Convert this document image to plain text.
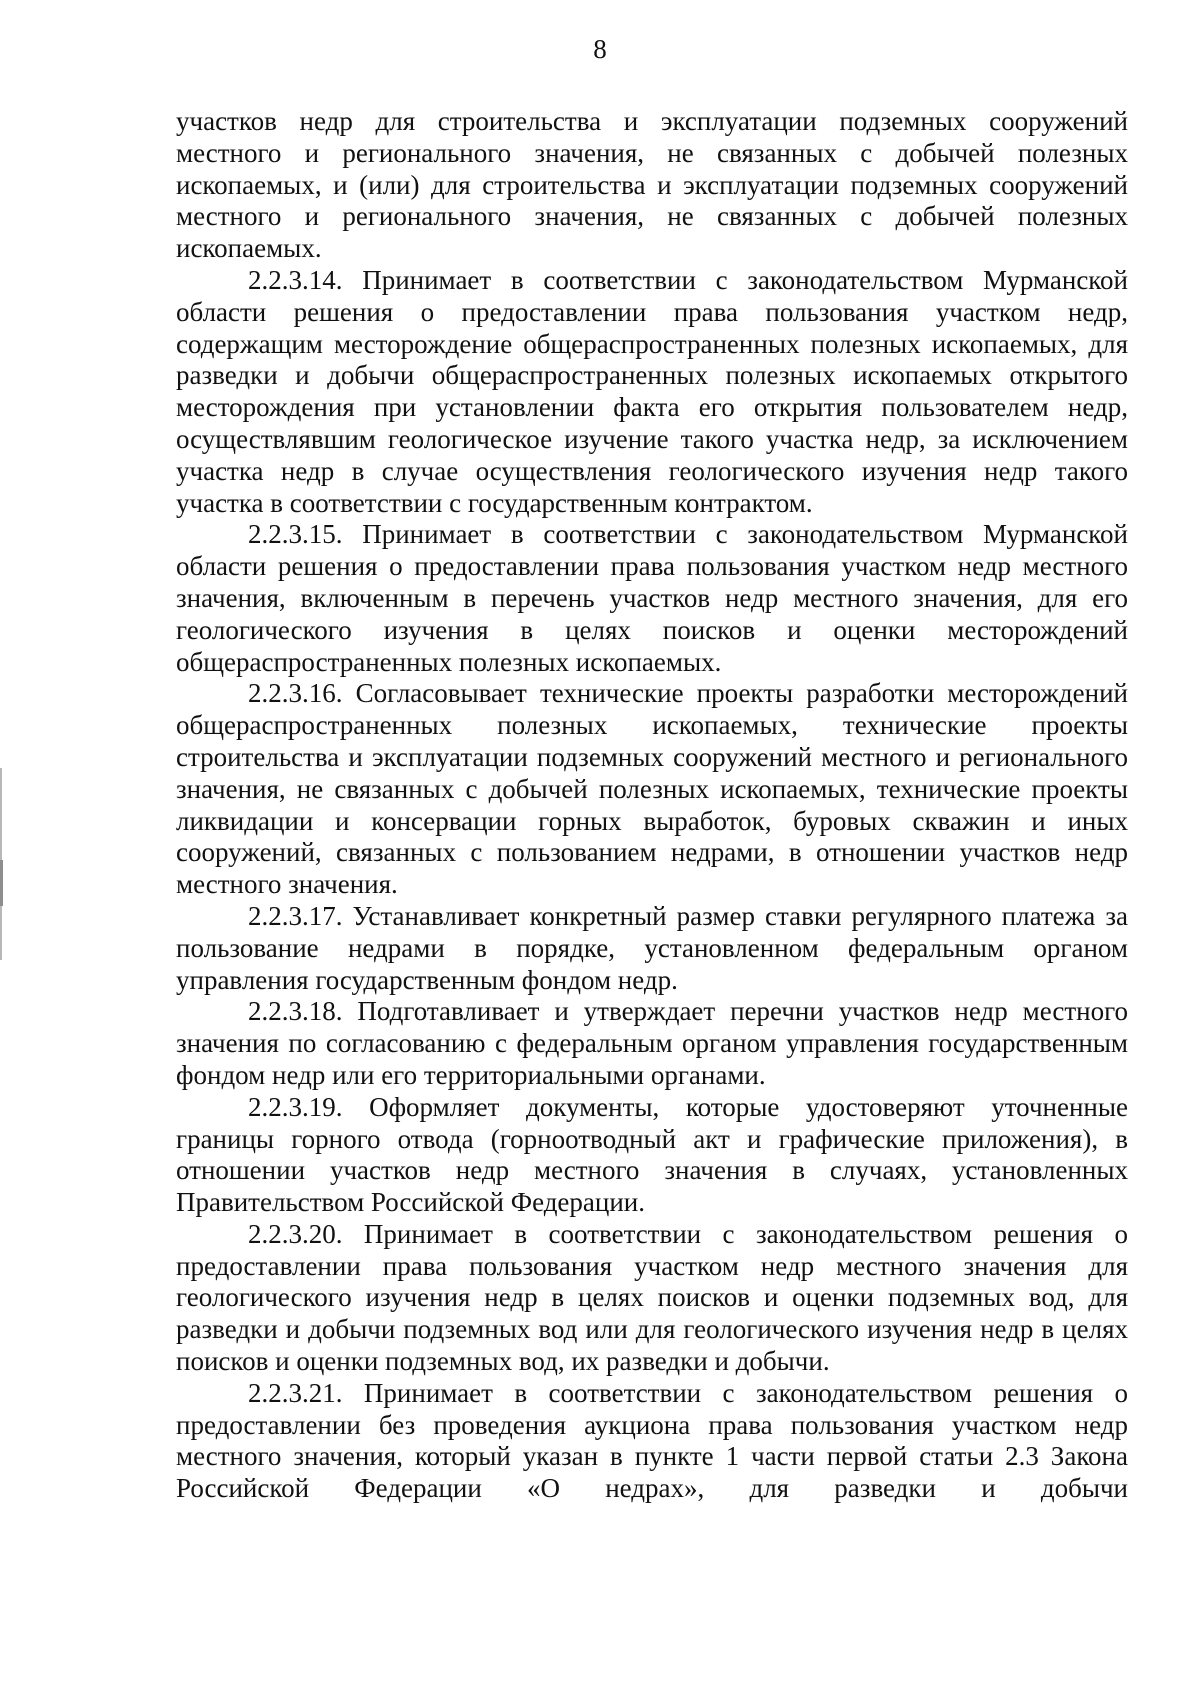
8

участков недр для строительства и эксплуатации подземных сооружений местного и регионального значения, не связанных с добычей полезных ископаемых, и (или) для строительства и эксплуатации подземных сооружений местного и регионального значения, не связанных с добычей полезных ископаемых.

2.2.3.14. Принимает в соответствии с законодательством Мурманской области решения о предоставлении права пользования участком недр, содержащим месторождение общераспространенных полезных ископаемых, для разведки и добычи общераспространенных полезных ископаемых открытого месторождения при установлении факта его открытия пользователем недр, осуществлявшим геологическое изучение такого участка недр, за исключением участка недр в случае осуществления геологического изучения недр такого участка в соответствии с государственным контрактом.

2.2.3.15. Принимает в соответствии с законодательством Мурманской области решения о предоставлении права пользования участком недр местного значения, включенным в перечень участков недр местного значения, для его геологического изучения в целях поисков и оценки месторождений общераспространенных полезных ископаемых.

2.2.3.16. Согласовывает технические проекты разработки месторождений общераспространенных полезных ископаемых, технические проекты строительства и эксплуатации подземных сооружений местного и регионального значения, не связанных с добычей полезных ископаемых, технические проекты ликвидации и консервации горных выработок, буровых скважин и иных сооружений, связанных с пользованием недрами, в отношении участков недр местного значения.

2.2.3.17. Устанавливает конкретный размер ставки регулярного платежа за пользование недрами в порядке, установленном федеральным органом управления государственным фондом недр.

2.2.3.18. Подготавливает и утверждает перечни участков недр местного значения по согласованию с федеральным органом управления государственным фондом недр или его территориальными органами.

2.2.3.19. Оформляет документы, которые удостоверяют уточненные границы горного отвода (горноотводный акт и графические приложения), в отношении участков недр местного значения в случаях, установленных Правительством Российской Федерации.

2.2.3.20. Принимает в соответствии с законодательством решения о предоставлении права пользования участком недр местного значения для геологического изучения недр в целях поисков и оценки подземных вод, для разведки и добычи подземных вод или для геологического изучения недр в целях поисков и оценки подземных вод, их разведки и добычи.

2.2.3.21. Принимает в соответствии с законодательством решения о предоставлении без проведения аукциона права пользования участком недр местного значения, который указан в пункте 1 части первой статьи 2.3 Закона Российской Федерации «О недрах», для разведки и добычи
